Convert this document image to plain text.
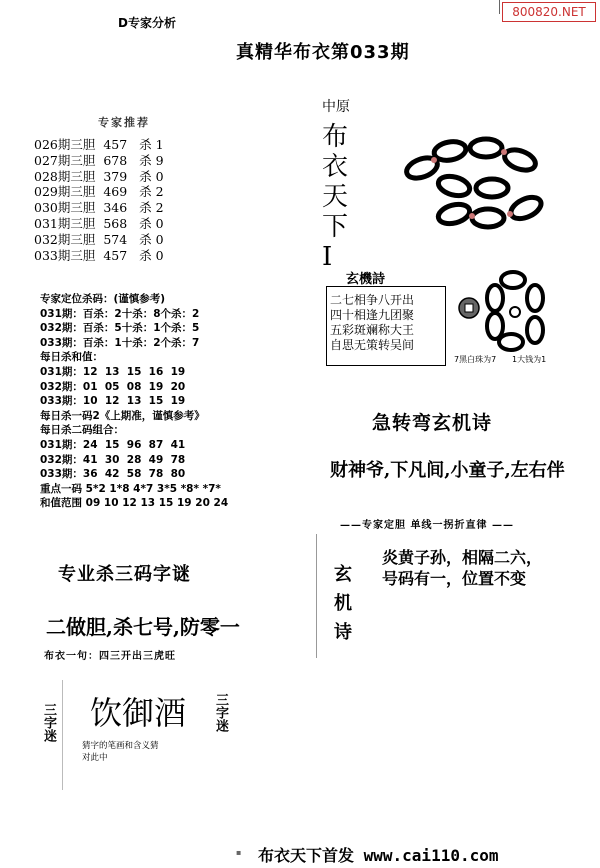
800820.NET
D专家分析
真精华布衣第033期
专家推荐
026期三胆 457 杀 1
027期三胆 678 杀 9
028期三胆 379 杀 0
029期三胆 469 杀 2
030期三胆 346 杀 2
031期三胆 568 杀 0
032期三胆 574 杀 0
033期三胆 457 杀 0
专家定位杀码：(谨慎参考)
031期：百杀：2十杀：8个杀：2
032期：百杀：5十杀：1个杀：5
033期：百杀：1十杀：2个杀：7
每日杀和值：
031期：12  13  15  16  19
032期：01  05  08  19  20
033期：10  12  13  15  19
每日杀一码2《上期准，谨慎参考》
每日杀二码组合：
031期：24  15  96  87  41
032期：41  30  28  49  78
033期：36  42  58  78  80
重点一码 5*2 1*8 4*7 3*5 *8* *7*
和值范围 09 10 12 13 15 19 20 24
专业杀三码字谜
二做胆,杀七号,防零一
布衣一句：四三开出三虎旺
饮御酒
猜字的笔画和含义猜
对此中
三字迷	三字迷
中原
布
衣
天
下
I
玄機詩
二七相争八开出
四十相逢九团聚
五彩斑斓称大王
自思无策转吴间
7黑白珠为7 1大钱为1
急转弯玄机诗
财神爷,下凡间,小童子,左右伴
——专家定胆 单线一拐折直律 ——
玄
机
诗
炎黄子孙，相隔二六，
号码有一，位置不变
▪ 布衣天下首发 www.cai110.com
